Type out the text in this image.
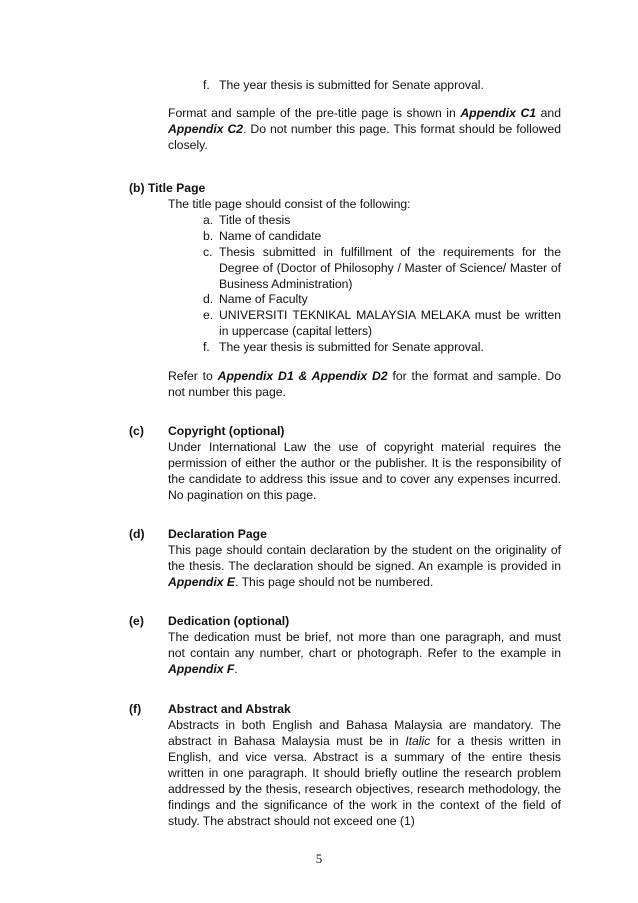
f. The year thesis is submitted for Senate approval.
Format and sample of the pre-title page is shown in Appendix C1 and Appendix C2. Do not number this page. This format should be followed closely.
(b) Title Page
The title page should consist of the following:
a. Title of thesis
b. Name of candidate
c. Thesis submitted in fulfillment of the requirements for the Degree of (Doctor of Philosophy / Master of Science/ Master of Business Administration)
d. Name of Faculty
e. UNIVERSITI TEKNIKAL MALAYSIA MELAKA must be written in uppercase (capital letters)
f. The year thesis is submitted for Senate approval.
Refer to Appendix D1 & Appendix D2 for the format and sample. Do not number this page.
(c) Copyright (optional)
Under International Law the use of copyright material requires the permission of either the author or the publisher. It is the responsibility of the candidate to address this issue and to cover any expenses incurred. No pagination on this page.
(d) Declaration Page
This page should contain declaration by the student on the originality of the thesis. The declaration should be signed. An example is provided in Appendix E. This page should not be numbered.
(e) Dedication (optional)
The dedication must be brief, not more than one paragraph, and must not contain any number, chart or photograph. Refer to the example in Appendix F.
(f) Abstract and Abstrak
Abstracts in both English and Bahasa Malaysia are mandatory. The abstract in Bahasa Malaysia must be in Italic for a thesis written in English, and vice versa. Abstract is a summary of the entire thesis written in one paragraph. It should briefly outline the research problem addressed by the thesis, research objectives, research methodology, the findings and the significance of the work in the context of the field of study. The abstract should not exceed one (1)
5
